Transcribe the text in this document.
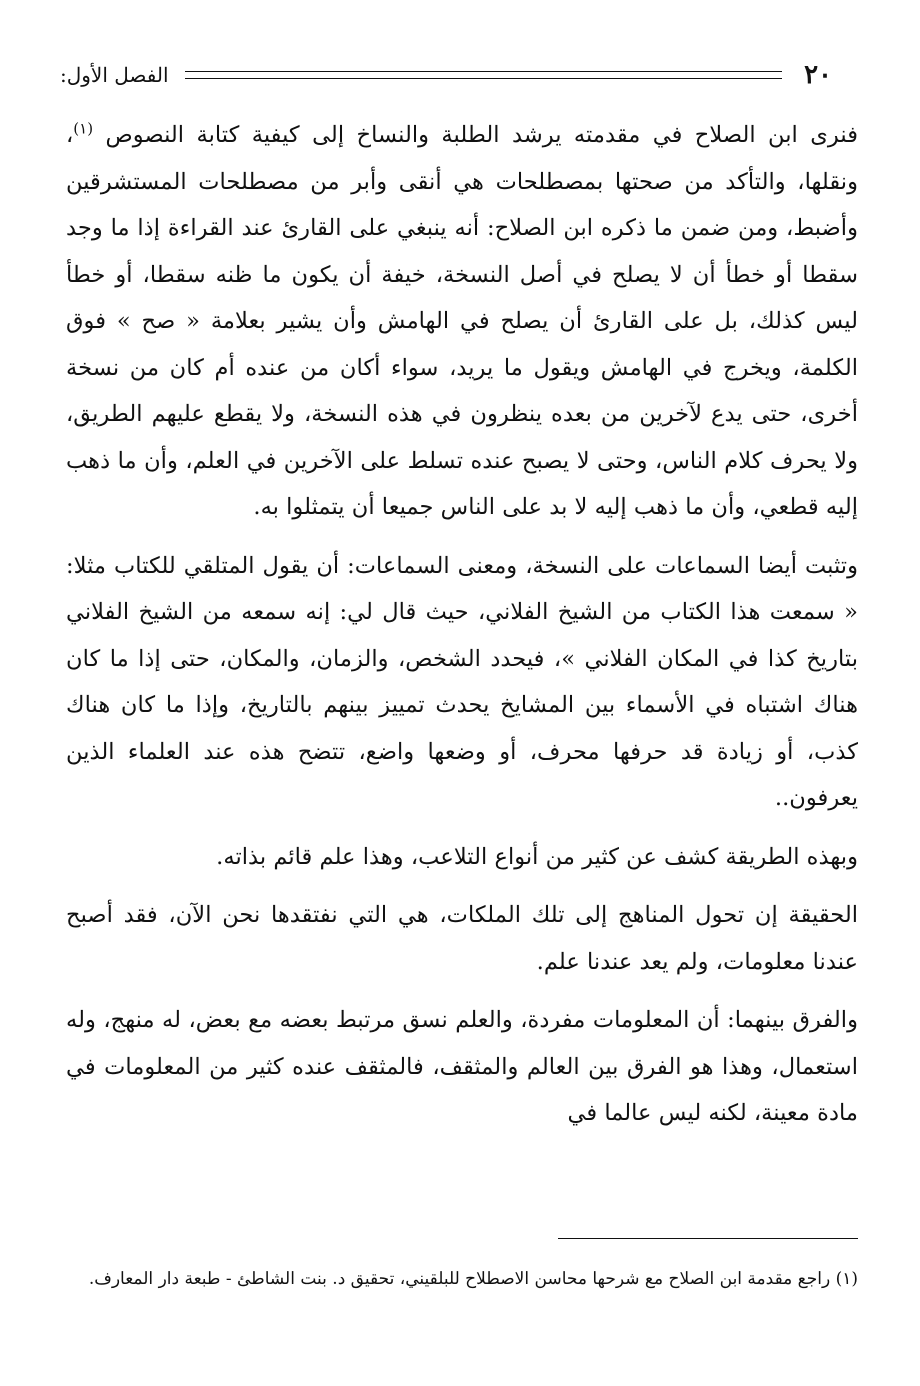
٢٠
الفصل الأول:

فنرى ابن الصلاح في مقدمته يرشد الطلبة والنساخ إلى كيفية كتابة النصوص $^{(١)}$، ونقلها، والتأكد من صحتها بمصطلحات هي أنقى وأبر من مصطلحات المستشرقين وأضبط، ومن ضمن ما ذكره ابن الصلاح: أنه ينبغي على القارئ عند القراءة إذا ما وجد سقطا أو خطأ أن لا يصلح في أصل النسخة، خيفة أن يكون ما ظنه سقطا، أو خطأ ليس كذلك، بل على القارئ أن يصلح في الهامش وأن يشير بعلامة « صح » فوق الكلمة، ويخرج في الهامش ويقول ما يريد، سواء أكان من عنده أم كان من نسخة أخرى، حتى يدع لآخرين من بعده ينظرون في هذه النسخة، ولا يقطع عليهم الطريق، ولا يحرف كلام الناس، وحتى لا يصبح عنده تسلط على الآخرين في العلم، وأن ما ذهب إليه قطعي، وأن ما ذهب إليه لا بد على الناس جميعا أن يتمثلوا به.

وتثبت أيضا السماعات على النسخة، ومعنى السماعات: أن يقول المتلقي للكتاب مثلا: « سمعت هذا الكتاب من الشيخ الفلاني، حيث قال لي: إنه سمعه من الشيخ الفلاني بتاريخ كذا في المكان الفلاني »، فيحدد الشخص، والزمان، والمكان، حتى إذا ما كان هناك اشتباه في الأسماء بين المشايخ يحدث تمييز بينهم بالتاريخ، وإذا ما كان هناك كذب، أو زيادة قد حرفها محرف، أو وضعها واضع، تتضح هذه عند العلماء الذين يعرفون..

وبهذه الطريقة كشف عن كثير من أنواع التلاعب، وهذا علم قائم بذاته.

الحقيقة إن تحول المناهج إلى تلك الملكات، هي التي نفتقدها نحن الآن، فقد أصبح عندنا معلومات، ولم يعد عندنا علم.

والفرق بينهما: أن المعلومات مفردة، والعلم نسق مرتبط بعضه مع بعض، له منهج، وله استعمال، وهذا هو الفرق بين العالم والمثقف، فالمثقف عنده كثير من المعلومات في مادة معينة، لكنه ليس عالما في

(١) راجع مقدمة ابن الصلاح مع شرحها محاسن الاصطلاح للبلقيني، تحقيق د. بنت الشاطئ - طبعة دار المعارف.
